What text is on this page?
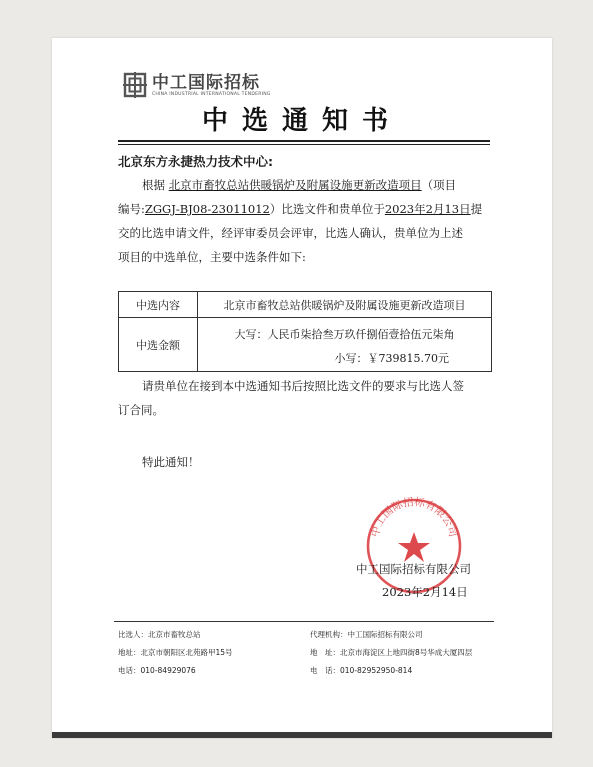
中工国际招标
CHINA INDUSTRIAL INTERNATIONAL TENDERING
中选通知书
北京东方永捷热力技术中心:
根据 北京市畜牧总站供暖锅炉及附属设施更新改造项目（项目
编号:ZGGJ-BJ08-23011012）比选文件和贵单位于2023年2月13日提
交的比选申请文件，经评审委员会评审，比选人确认，贵单位为上述
项目的中选单位，主要中选条件如下:
中选内容	北京市畜牧总站供暖锅炉及附属设施更新改造项目
中选金额	大写：人民币柒拾叁万玖仟捌佰壹拾伍元柒角
小写：￥739815.70元
请贵单位在接到本中选通知书后按照比选文件的要求与比选人签
订合同。
特此通知！
中工国际招标有限公司
中工国际招标有限公司
2023年2月14日
比选人：北京市畜牧总站
地址：北京市朝阳区北苑路甲15号
电话：010-84929076
代理机构：中工国际招标有限公司
地　址：北京市海淀区上地四街8号华成大厦四层
电　话：010-82952950-814
